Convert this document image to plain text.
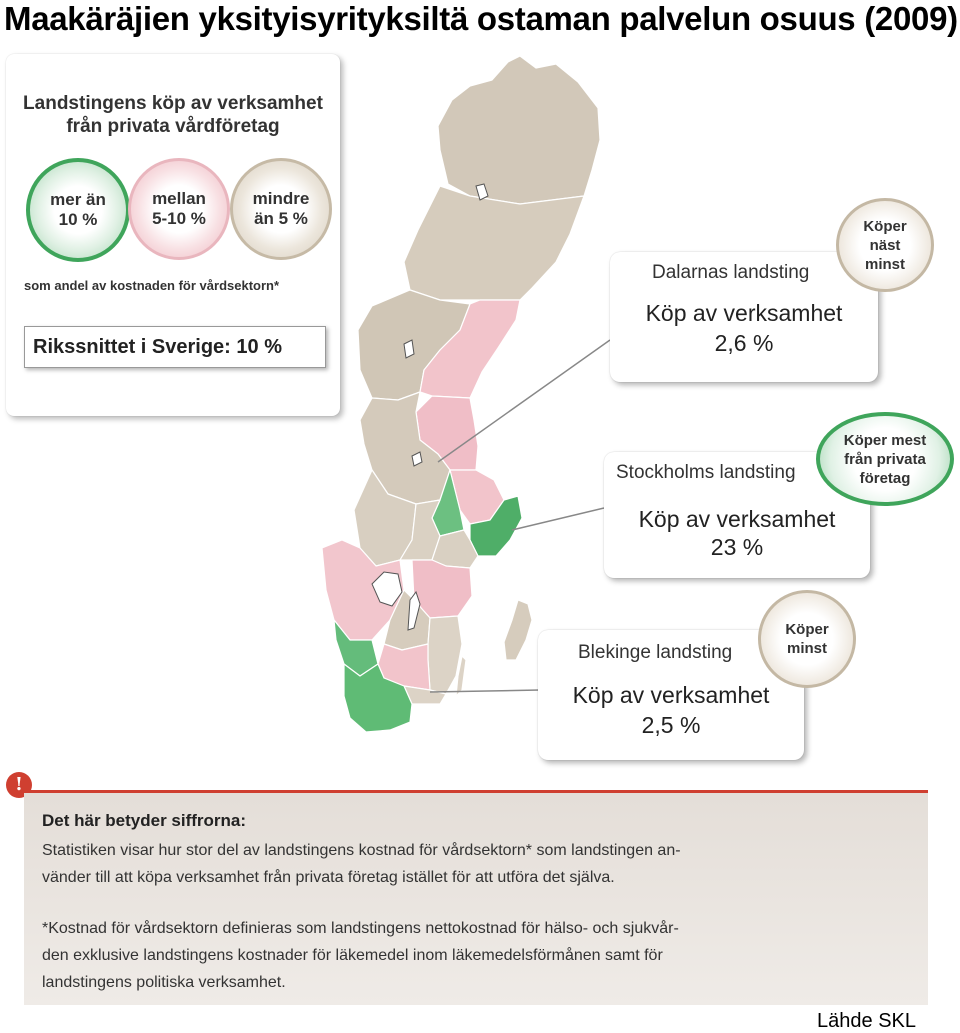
Maakäräjien yksityisyrityksiltä ostaman palvelun osuus (2009)
Landstingens köp av verksamhet
från privata vårdföretag
mer än
10 %
mellan
5-10 %
mindre
än 5 %
som andel av kostnaden för vårdsektorn*
Rikssnittet i Sverige: 10 %
Dalarnas landsting
Köp av verksamhet
2,6 %
Köper
näst
minst
Stockholms landsting
Köp av verksamhet
23 %
Köper mest
från privata
företag
Blekinge landsting
Köp av verksamhet
2,5 %
Köper
minst
!
Det här betyder siffrorna:
Statistiken visar hur stor del av landstingens kostnad för vårdsektorn* som landstingen an-
vänder till att köpa verksamhet från privata företag istället för att utföra det själva.
*Kostnad för vårdsektorn definieras som landstingens nettokostnad för hälso- och sjukvår-
den exklusive landstingens kostnader för läkemedel inom läkemedelsförmånen samt för
landstingens politiska verksamhet.
Lähde SKL
